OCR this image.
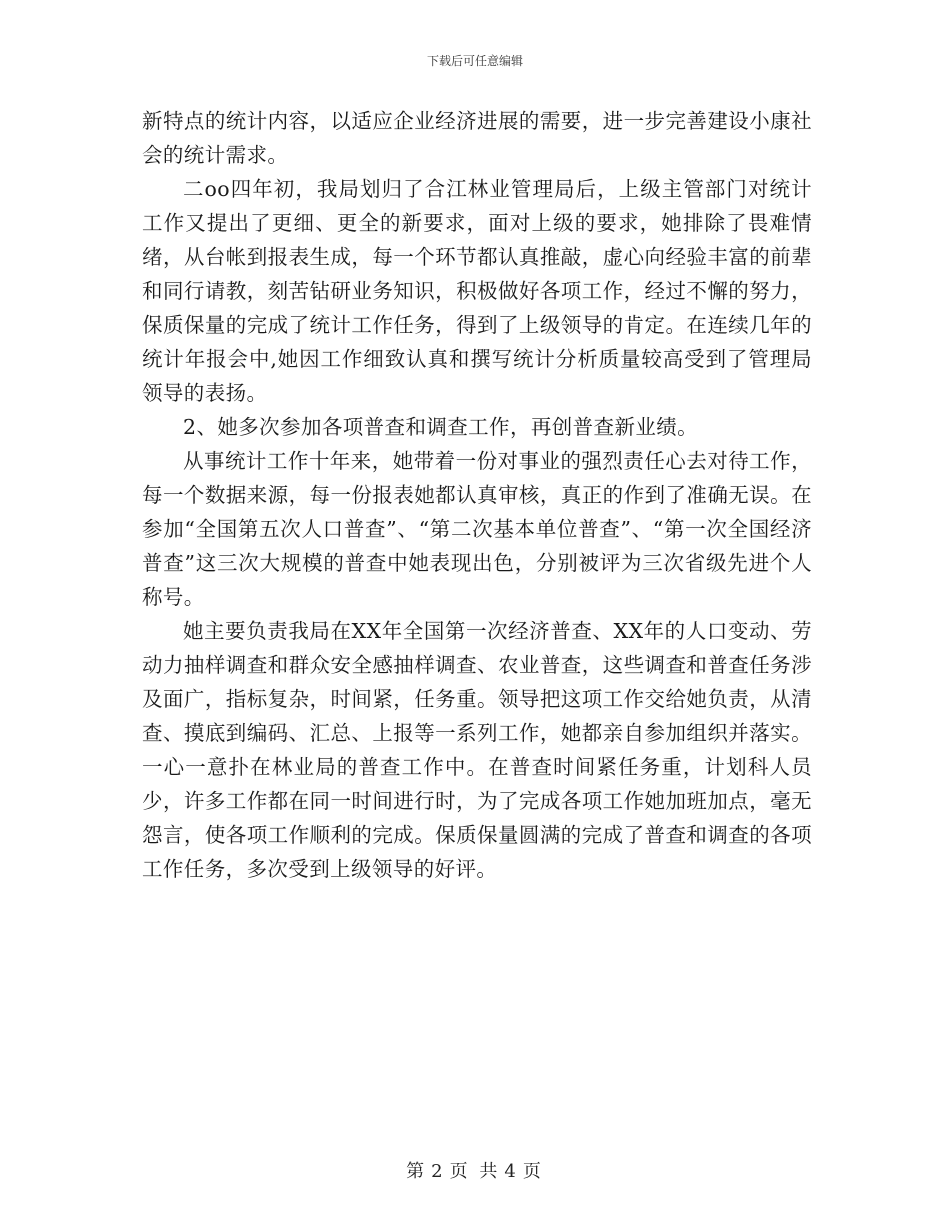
下载后可任意编辑

新特点的统计内容，以适应企业经济进展的需要，进一步完善建设小康社会的统计需求。

二oo四年初，我局划归了合江林业管理局后，上级主管部门对统计工作又提出了更细、更全的新要求，面对上级的要求，她排除了畏难情绪，从台帐到报表生成，每一个环节都认真推敲，虚心向经验丰富的前辈和同行请教，刻苦钻研业务知识，积极做好各项工作，经过不懈的努力，保质保量的完成了统计工作任务，得到了上级领导的肯定。在连续几年的统计年报会中,她因工作细致认真和撰写统计分析质量较高受到了管理局领导的表扬。

2、她多次参加各项普查和调查工作，再创普查新业绩。

从事统计工作十年来，她带着一份对事业的强烈责任心去对待工作，每一个数据来源，每一份报表她都认真审核，真正的作到了准确无误。在参加“全国第五次人口普查”、“第二次基本单位普查”、“第一次全国经济普查”这三次大规模的普查中她表现出色，分别被评为三次省级先进个人称号。

她主要负责我局在XX年全国第一次经济普查、XX年的人口变动、劳动力抽样调查和群众安全感抽样调查、农业普查，这些调查和普查任务涉及面广，指标复杂，时间紧，任务重。领导把这项工作交给她负责，从清查、摸底到编码、汇总、上报等一系列工作，她都亲自参加组织并落实。一心一意扑在林业局的普查工作中。在普查时间紧任务重，计划科人员少，许多工作都在同一时间进行时，为了完成各项工作她加班加点，毫无怨言，使各项工作顺利的完成。保质保量圆满的完成了普查和调查的各项工作任务，多次受到上级领导的好评。

第 2 页 共 4 页
